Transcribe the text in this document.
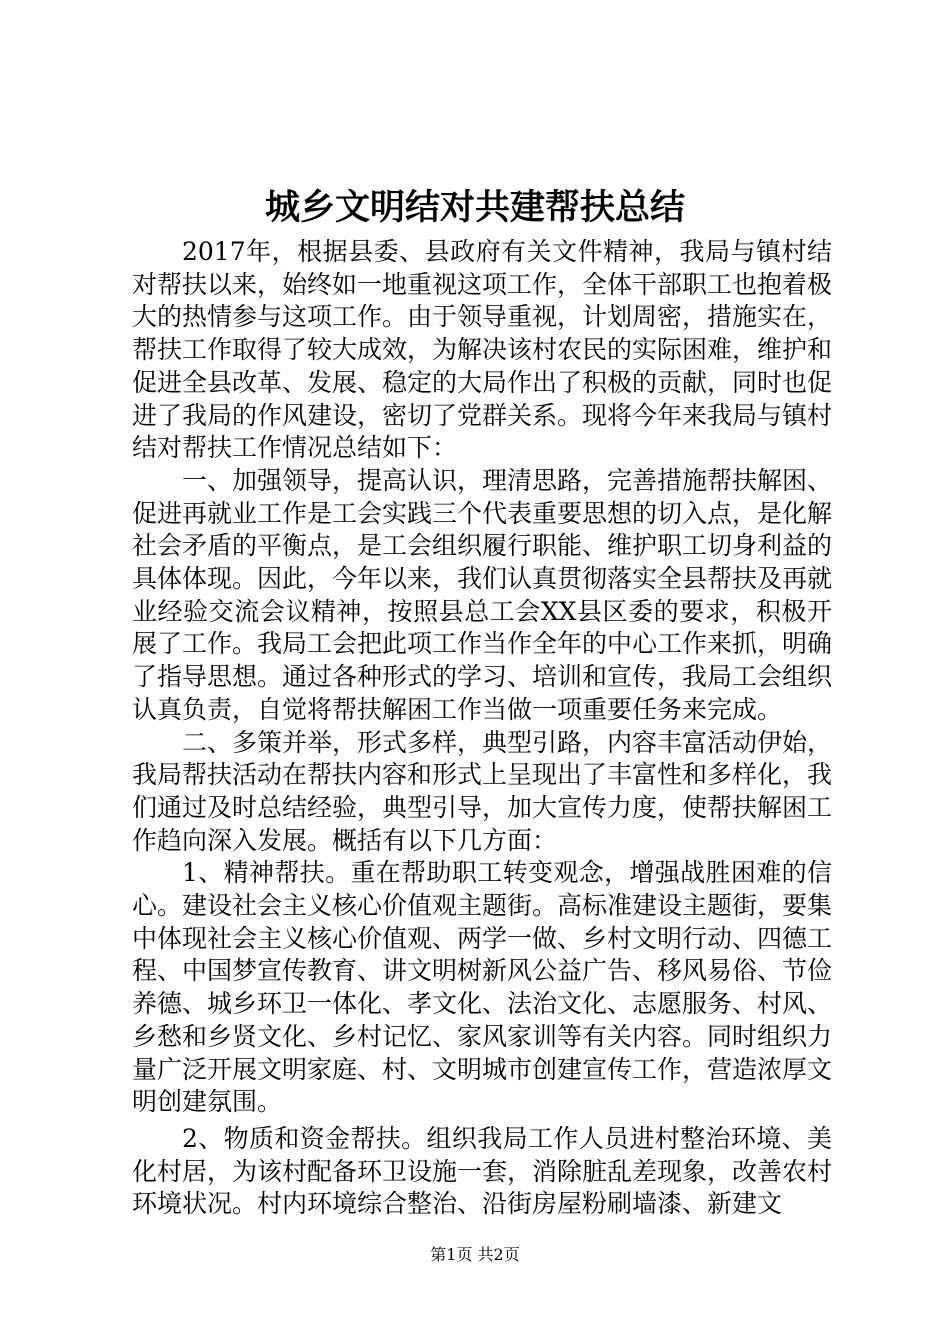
城乡文明结对共建帮扶总结

2017年，根据县委、县政府有关文件精神，我局与镇村结对帮扶以来，始终如一地重视这项工作，全体干部职工也抱着极大的热情参与这项工作。由于领导重视，计划周密，措施实在，帮扶工作取得了较大成效，为解决该村农民的实际困难，维护和促进全县改革、发展、稳定的大局作出了积极的贡献，同时也促进了我局的作风建设，密切了党群关系。现将今年来我局与镇村结对帮扶工作情况总结如下：

一、加强领导，提高认识，理清思路，完善措施帮扶解困、促进再就业工作是工会实践三个代表重要思想的切入点，是化解社会矛盾的平衡点，是工会组织履行职能、维护职工切身利益的具体体现。因此，今年以来，我们认真贯彻落实全县帮扶及再就业经验交流会议精神，按照县总工会XX县区委的要求，积极开展了工作。我局工会把此项工作当作全年的中心工作来抓，明确了指导思想。通过各种形式的学习、培训和宣传，我局工会组织认真负责，自觉将帮扶解困工作当做一项重要任务来完成。

二、多策并举，形式多样，典型引路，内容丰富活动伊始，我局帮扶活动在帮扶内容和形式上呈现出了丰富性和多样化，我们通过及时总结经验，典型引导，加大宣传力度，使帮扶解困工作趋向深入发展。概括有以下几方面：

1、精神帮扶。重在帮助职工转变观念，增强战胜困难的信心。建设社会主义核心价值观主题街。高标准建设主题街，要集中体现社会主义核心价值观、两学一做、乡村文明行动、四德工程、中国梦宣传教育、讲文明树新风公益广告、移风易俗、节俭养德、城乡环卫一体化、孝文化、法治文化、志愿服务、村风、乡愁和乡贤文化、乡村记忆、家风家训等有关内容。同时组织力量广泛开展文明家庭、村、文明城市创建宣传工作，营造浓厚文明创建氛围。

2、物质和资金帮扶。组织我局工作人员进村整治环境、美化村居，为该村配备环卫设施一套，消除脏乱差现象，改善农村环境状况。村内环境综合整治、沿街房屋粉刷墙漆、新建文

第1页 共2页
